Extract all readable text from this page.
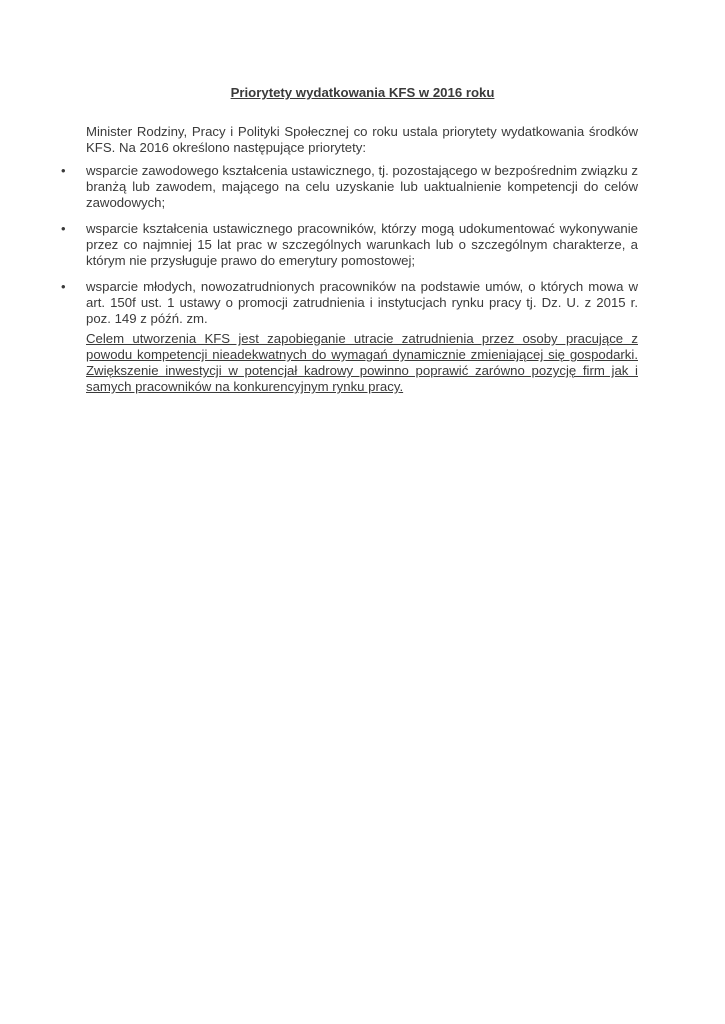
Priorytety wydatkowania KFS w 2016 roku
Minister Rodziny, Pracy i Polityki Społecznej co roku ustala priorytety wydatkowania środków KFS. Na 2016 określono następujące priorytety:
• wsparcie zawodowego kształcenia ustawicznego, tj. pozostającego w bezpośrednim związku z branżą lub zawodem, mającego na celu uzyskanie lub uaktualnienie kompetencji do celów zawodowych;
• wsparcie kształcenia ustawicznego pracowników, którzy mogą udokumentować wykonywanie przez co najmniej 15 lat prac w szczególnych warunkach lub o szczególnym charakterze, a którym nie przysługuje prawo do emerytury pomostowej;
• wsparcie młodych, nowozatrudnionych pracowników na podstawie umów, o których mowa w art. 150f ust. 1 ustawy o promocji zatrudnienia i instytucjach rynku pracy tj. Dz. U. z 2015 r. poz. 149 z późń. zm.
Celem utworzenia KFS jest zapobieganie utracie zatrudnienia przez osoby pracujące z powodu kompetencji nieadekwatnych do wymagań dynamicznie zmieniającej się gospodarki. Zwiększenie inwestycji w potencjał kadrowy powinno poprawić zarówno pozycję firm jak i samych pracowników na konkurencyjnym rynku pracy.
